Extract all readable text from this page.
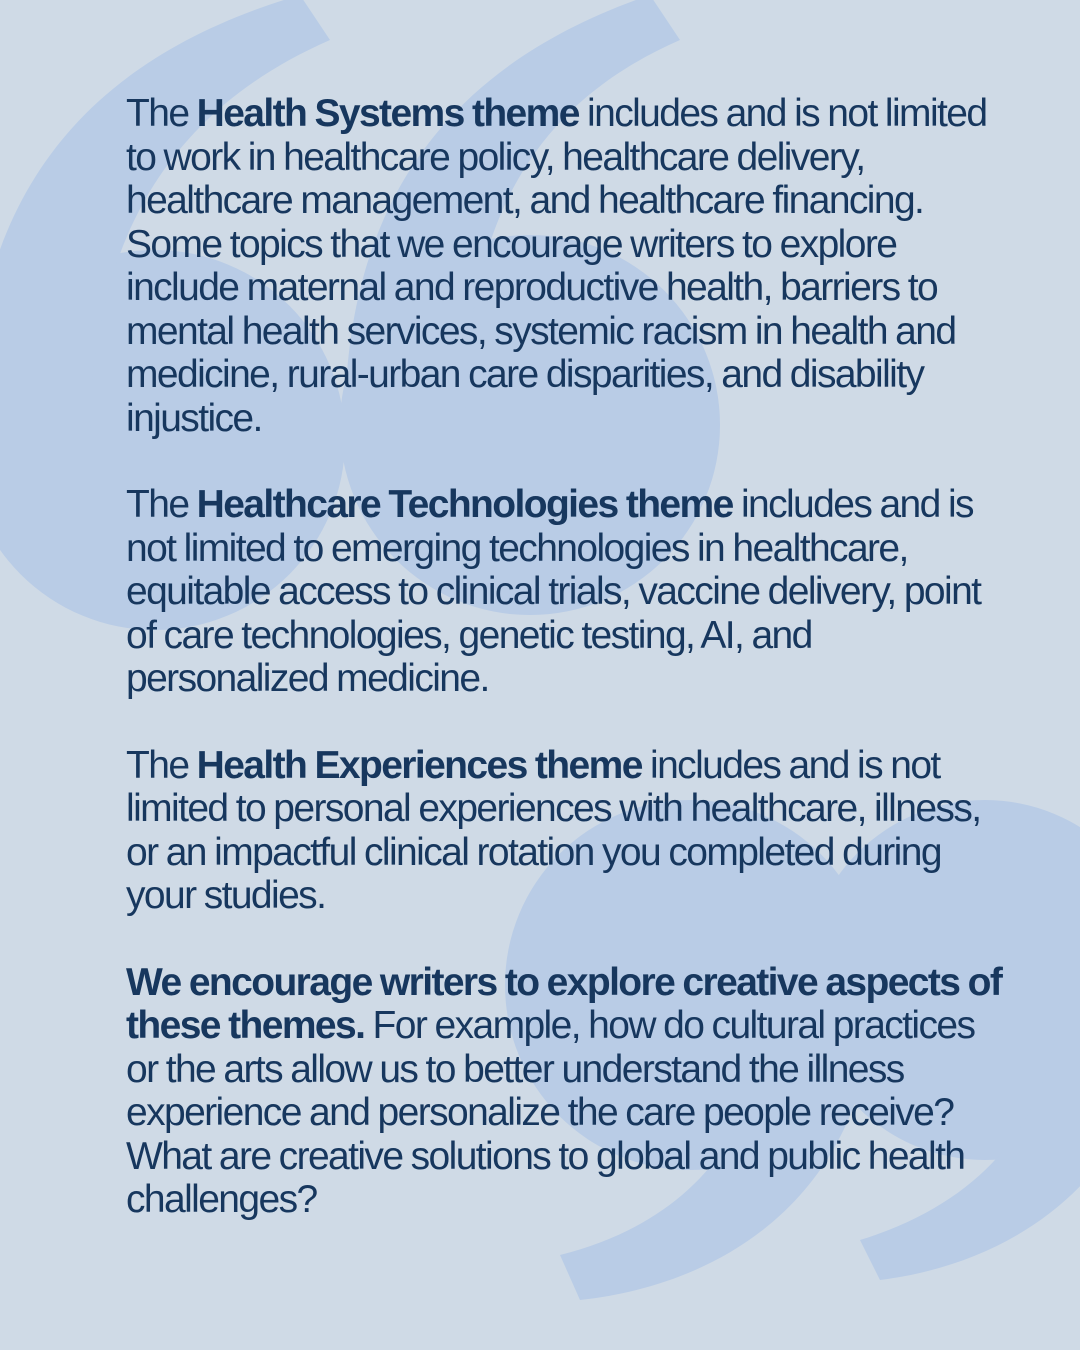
The Health Systems theme includes and is not limited to work in healthcare policy, healthcare delivery, healthcare management, and healthcare financing. Some topics that we encourage writers to explore include maternal and reproductive health, barriers to mental health services, systemic racism in health and medicine, rural-urban care disparities, and disability injustice.

The Healthcare Technologies theme includes and is not limited to emerging technologies in healthcare, equitable access to clinical trials, vaccine delivery, point of care technologies, genetic testing, AI, and personalized medicine.

The Health Experiences theme includes and is not limited to personal experiences with healthcare, illness, or an impactful clinical rotation you completed during your studies.

We encourage writers to explore creative aspects of these themes. For example, how do cultural practices or the arts allow us to better understand the illness experience and personalize the care people receive? What are creative solutions to global and public health challenges?
